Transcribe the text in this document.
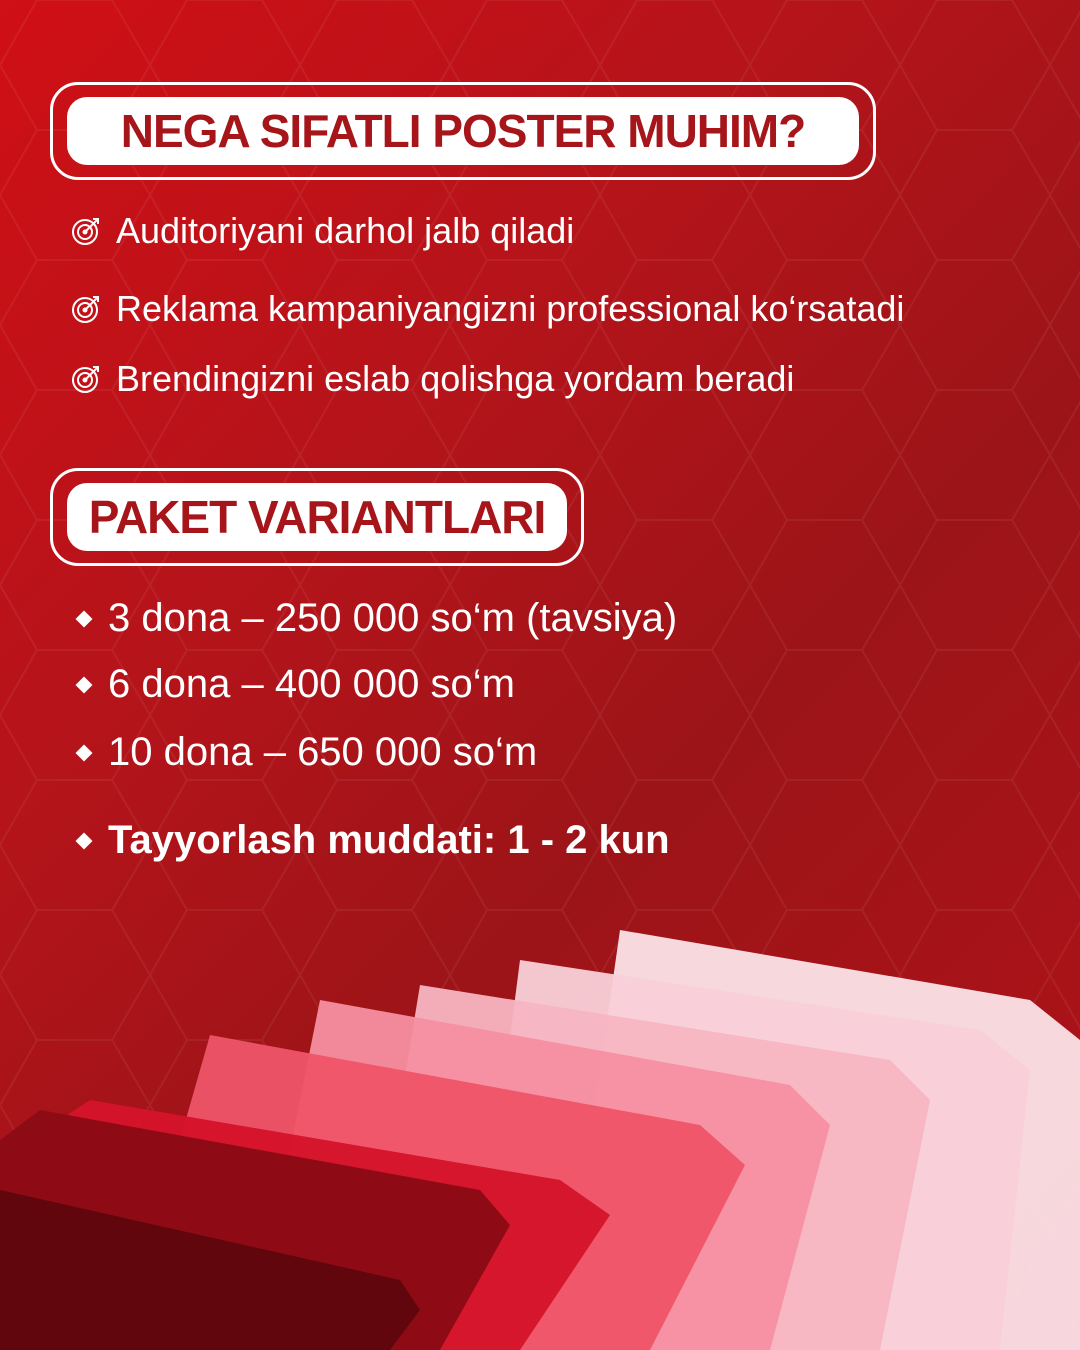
NEGA SIFATLI POSTER MUHIM?
Auditoriyani darhol jalb qiladi
Reklama kampaniyangizni professional ko‘rsatadi
Brendingizni eslab qolishga yordam beradi
PAKET VARIANTLARI
3 dona – 250 000 so‘m (tavsiya)
6 dona – 400 000 so‘m
10 dona – 650 000 so‘m
Tayyorlash muddati: 1 - 2 kun
